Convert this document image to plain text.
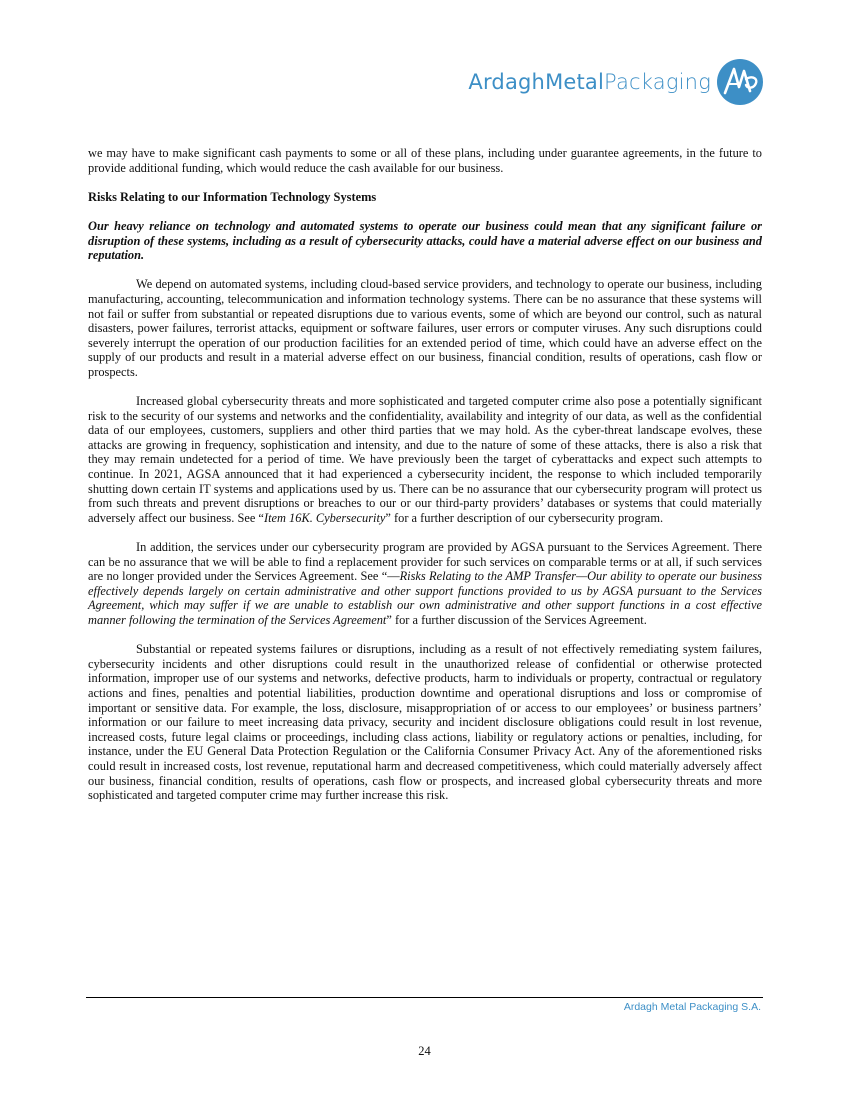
ArdaghMetalPackaging

we may have to make significant cash payments to some or all of these plans, including under guarantee agreements, in the future to provide additional funding, which would reduce the cash available for our business.

Risks Relating to our Information Technology Systems

Our heavy reliance on technology and automated systems to operate our business could mean that any significant failure or disruption of these systems, including as a result of cybersecurity attacks, could have a material adverse effect on our business and reputation.

We depend on automated systems, including cloud-based service providers, and technology to operate our business, including manufacturing, accounting, telecommunication and information technology systems. There can be no assurance that these systems will not fail or suffer from substantial or repeated disruptions due to various events, some of which are beyond our control, such as natural disasters, power failures, terrorist attacks, equipment or software failures, user errors or computer viruses. Any such disruptions could severely interrupt the operation of our production facilities for an extended period of time, which could have an adverse effect on the supply of our products and result in a material adverse effect on our business, financial condition, results of operations, cash flow or prospects.

Increased global cybersecurity threats and more sophisticated and targeted computer crime also pose a potentially significant risk to the security of our systems and networks and the confidentiality, availability and integrity of our data, as well as the confidential data of our employees, customers, suppliers and other third parties that we may hold. As the cyber-threat landscape evolves, these attacks are growing in frequency, sophistication and intensity, and due to the nature of some of these attacks, there is also a risk that they may remain undetected for a period of time. We have previously been the target of cyberattacks and expect such attempts to continue. In 2021, AGSA announced that it had experienced a cybersecurity incident, the response to which included temporarily shutting down certain IT systems and applications used by us. There can be no assurance that our cybersecurity program will protect us from such threats and prevent disruptions or breaches to our or our third-party providers’ databases or systems that could materially adversely affect our business. See “Item 16K. Cybersecurity” for a further description of our cybersecurity program.

In addition, the services under our cybersecurity program are provided by AGSA pursuant to the Services Agreement. There can be no assurance that we will be able to find a replacement provider for such services on comparable terms or at all, if such services are no longer provided under the Services Agreement. See “—Risks Relating to the AMP Transfer—Our ability to operate our business effectively depends largely on certain administrative and other support functions provided to us by AGSA pursuant to the Services Agreement, which may suffer if we are unable to establish our own administrative and other support functions in a cost effective manner following the termination of the Services Agreement” for a further discussion of the Services Agreement.

Substantial or repeated systems failures or disruptions, including as a result of not effectively remediating system failures, cybersecurity incidents and other disruptions could result in the unauthorized release of confidential or otherwise protected information, improper use of our systems and networks, defective products, harm to individuals or property, contractual or regulatory actions and fines, penalties and potential liabilities, production downtime and operational disruptions and loss or compromise of important or sensitive data. For example, the loss, disclosure, misappropriation of or access to our employees’ or business partners’ information or our failure to meet increasing data privacy, security and incident disclosure obligations could result in lost revenue, increased costs, future legal claims or proceedings, including class actions, liability or regulatory actions or penalties, including, for instance, under the EU General Data Protection Regulation or the California Consumer Privacy Act. Any of the aforementioned risks could result in increased costs, lost revenue, reputational harm and decreased competitiveness, which could materially adversely affect our business, financial condition, results of operations, cash flow or prospects, and increased global cybersecurity threats and more sophisticated and targeted computer crime may further increase this risk.

Ardagh Metal Packaging S.A.
24
